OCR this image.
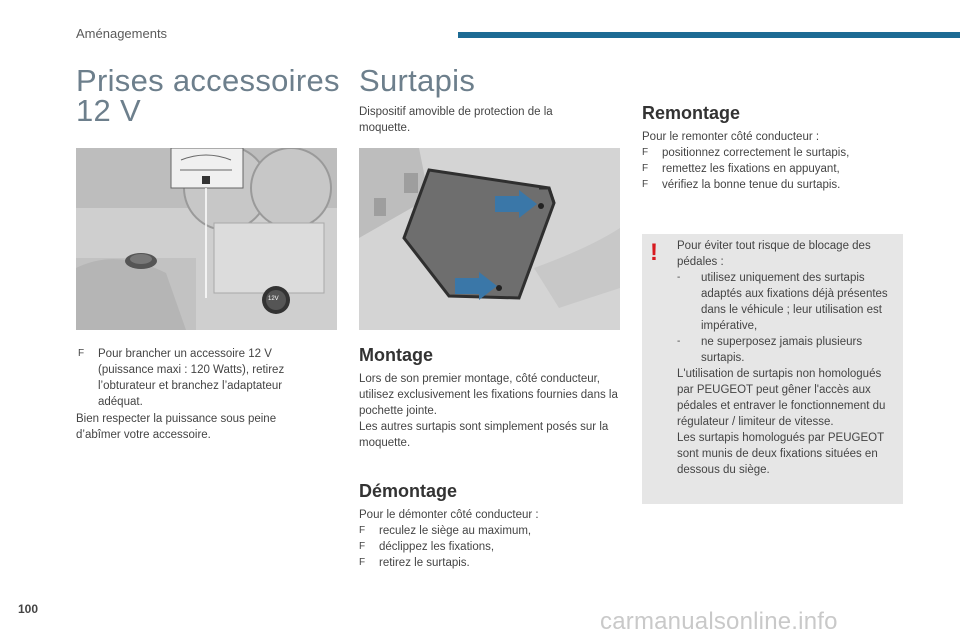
Aménagements
Prises accessoires
12 V
12V
F Pour brancher un accessoire 12 V (puissance maxi : 120 Watts), retirez l’obturateur et branchez l’adaptateur adéquat.
Bien respecter la puissance sous peine d’abîmer votre accessoire.
Surtapis
Dispositif amovible de protection de la moquette.
Montage
Lors de son premier montage, côté conducteur, utilisez exclusivement les fixations fournies dans la pochette jointe.
Les autres surtapis sont simplement posés sur la moquette.
Démontage
Pour le démonter côté conducteur :
F reculez le siège au maximum,
F déclippez les fixations,
F retirez le surtapis.
Remontage
Pour le remonter côté conducteur :
F positionnez correctement le surtapis,
F remettez les fixations en appuyant,
F vérifiez la bonne tenue du surtapis.
! Pour éviter tout risque de blocage des pédales :
- utilisez uniquement des surtapis adaptés aux fixations déjà présentes dans le véhicule ; leur utilisation est impérative,
- ne superposez jamais plusieurs surtapis.
L'utilisation de surtapis non homologués par PEUGEOT peut gêner l'accès aux pédales et entraver le fonctionnement du régulateur / limiteur de vitesse.
Les surtapis homologués par PEUGEOT sont munis de deux fixations situées en dessous du siège.
100	carmanualsonline.info
